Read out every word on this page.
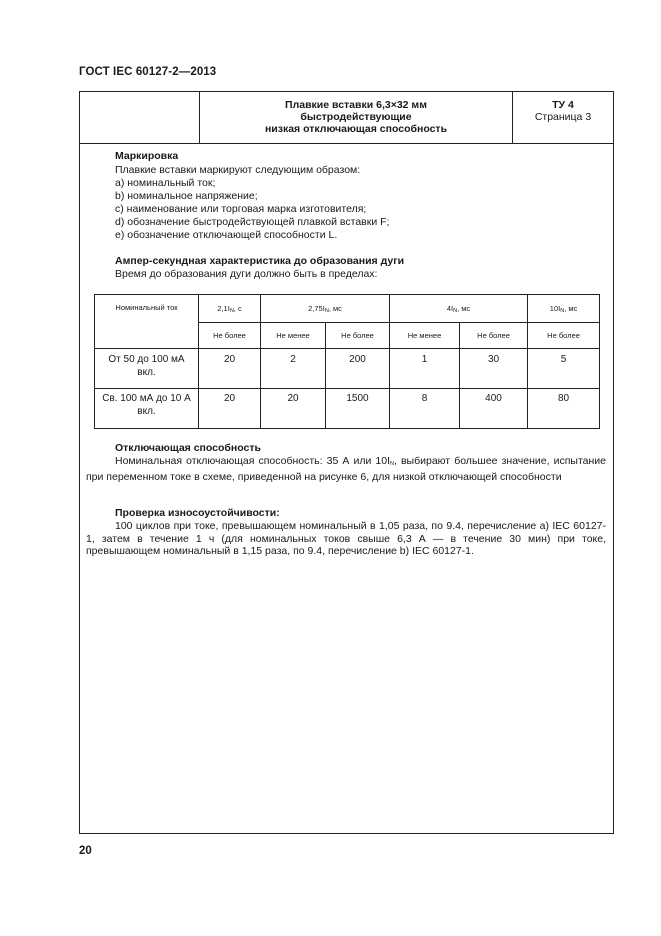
ГОСТ IEC 60127-2—2013
Плавкие вставки 6,3×32 мм
быстродействующие
низкая отключающая способность
ТУ 4
Страница 3
Маркировка
Плавкие вставки маркируют следующим образом:
a) номинальный ток;
b) номинальное напряжение;
c) наименование или торговая марка изготовителя;
d) обозначение быстродействующей плавкой вставки F;
e) обозначение отключающей способности L.
Ампер-секундная характеристика до образования дуги
Время до образования дуги должно быть в пределах:
Номинальный ток	$2,1I_N$, с	$2,75I_N$, мс		$4I_N$, мс		$10I_N$, мс
	Не более	Не менее	Не более	Не менее	Не более	Не более

От 50 до 100 мА
вкл.	20	2	200	1	30	5

Св. 100 мА до 10 А
вкл.	20	20	1500	8	400	80
Отключающая способность
Номинальная отключающая способность: 35 А или $10I_N$, выбирают большее значение, испытание при переменном токе в схеме, приведенной на рисунке 6, для низкой отключающей способности
Проверка износоустойчивости:
100 циклов при токе, превышающем номинальный в 1,05 раза, по 9.4, перечисление a) IEC 60127-1, затем в течение 1 ч (для номинальных токов свыше 6,3 А — в течение 30 мин) при токе, превышающем номинальный в 1,15 раза, по 9.4, перечисление b) IEC 60127-1.
20
